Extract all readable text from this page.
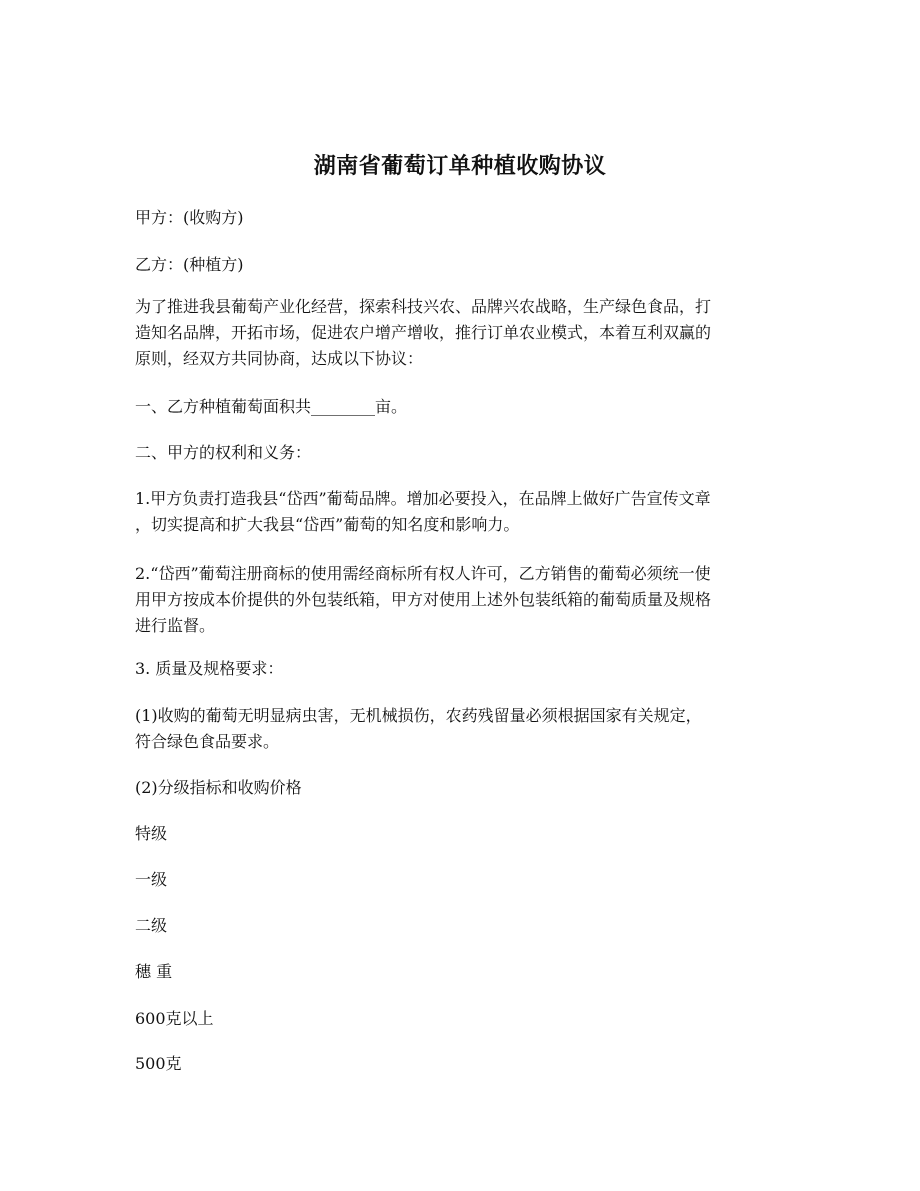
湖南省葡萄订单种植收购协议
甲方：(收购方)
乙方：(种植方)
为了推进我县葡萄产业化经营，探索科技兴农、品牌兴农战略，生产绿色食品，打
造知名品牌，开拓市场，促进农户增产增收，推行订单农业模式，本着互利双赢的
原则，经双方共同协商，达成以下协议：
一、乙方种植葡萄面积共________亩。
二、甲方的权利和义务：
1.甲方负责打造我县“岱西”葡萄品牌。增加必要投入，在品牌上做好广告宣传文章
，切实提高和扩大我县“岱西”葡萄的知名度和影响力。
2.“岱西”葡萄注册商标的使用需经商标所有权人许可，乙方销售的葡萄必须统一使
用甲方按成本价提供的外包装纸箱，甲方对使用上述外包装纸箱的葡萄质量及规格
进行监督。
3. 质量及规格要求：
(1)收购的葡萄无明显病虫害，无机械损伤，农药残留量必须根据国家有关规定，
符合绿色食品要求。
(2)分级指标和收购价格
特级
一级
二级
穗 重
600克以上
500克
